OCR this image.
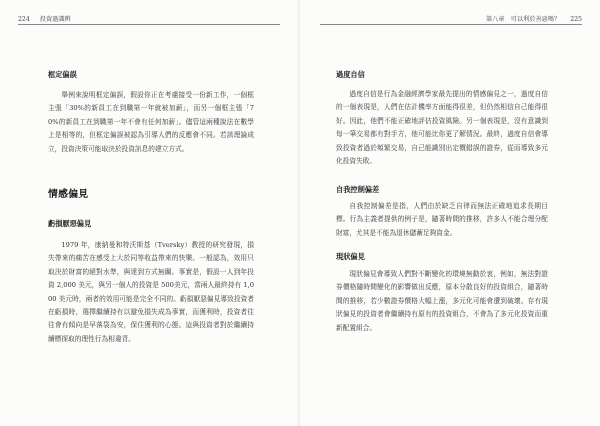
224 投資過識辨
框定偏誤
舉例來說明框定偏誤，假設你正在考慮接受一份新工作，一個框主張「30%的新員工在到職第一年就被加薪」，而另一個框主張「70%的新員工在到職第一年不會有任何加薪」。儘管這兩種說法在數學上是相等的，但框定偏誤被認為引導人們的反應會不同。若該理論成立，投資決策可能取決於投資訊息的建立方式。
情感偏見
虧損厭惡偏見
1979 年，康納曼和特沃斯基（Tversky）教授的研究發現，損失帶來的痛苦在感受上大於同等收益帶來的快樂。一般認為，效用只取決於財富的絕對水準，與達到方式無關。事實是，假設一人到年投資 2,000 美元，與另一個人的投資是 500美元，當兩人最終持有 1,000 美元時，兩者的效用可能是完全不同的。虧損厭惡偏見導致投資者在虧損時，選擇繼續持有以避免損失成為事實，而獲利時，投資者往往會有傾向是早落袋為安，保住獲利的心態。這與投資者對於繼續持續標探取的理性行為相違背。
第八章　可以利於善惡嗎？ 225
過度自信
過度自信是行為金融經濟學家最先提出的情感偏見之一，過度自信的一個表現是，人們在估計機率方面能得很差，但仍然相信自己能得很好。因此，他們不能正確地評估投資風險。另一個表現是，沒有意識到每一筆交易都有對手方，他可能比你更了解情況。最終，過度自信會導致投資者過於頻繁交易，自己能識別出定價錯誤的證券，從而導致多元化投資失敗。
自我控制偏差
自我控制偏差是指，人們由於缺乏自律而無法正確地追求長期目標。行為主義者提供的例子是，隨著時間的推移，許多人不能合理分配財富，尤其是不能為退休儲蓄足夠資金。
現狀偏見
現狀偏見會導致人們對不斷變化的環境無動於衷，例如，無法對證券價格隨時間變化的影響做出反應，原本分散良好的投資組合，隨著時間的推移，若少數證券價格大幅上漲，多元化可能會遭到破壞。存有現狀偏見的投資者會繼續持有原有的投資組合，不會為了多元化投資而重新配置組合。
